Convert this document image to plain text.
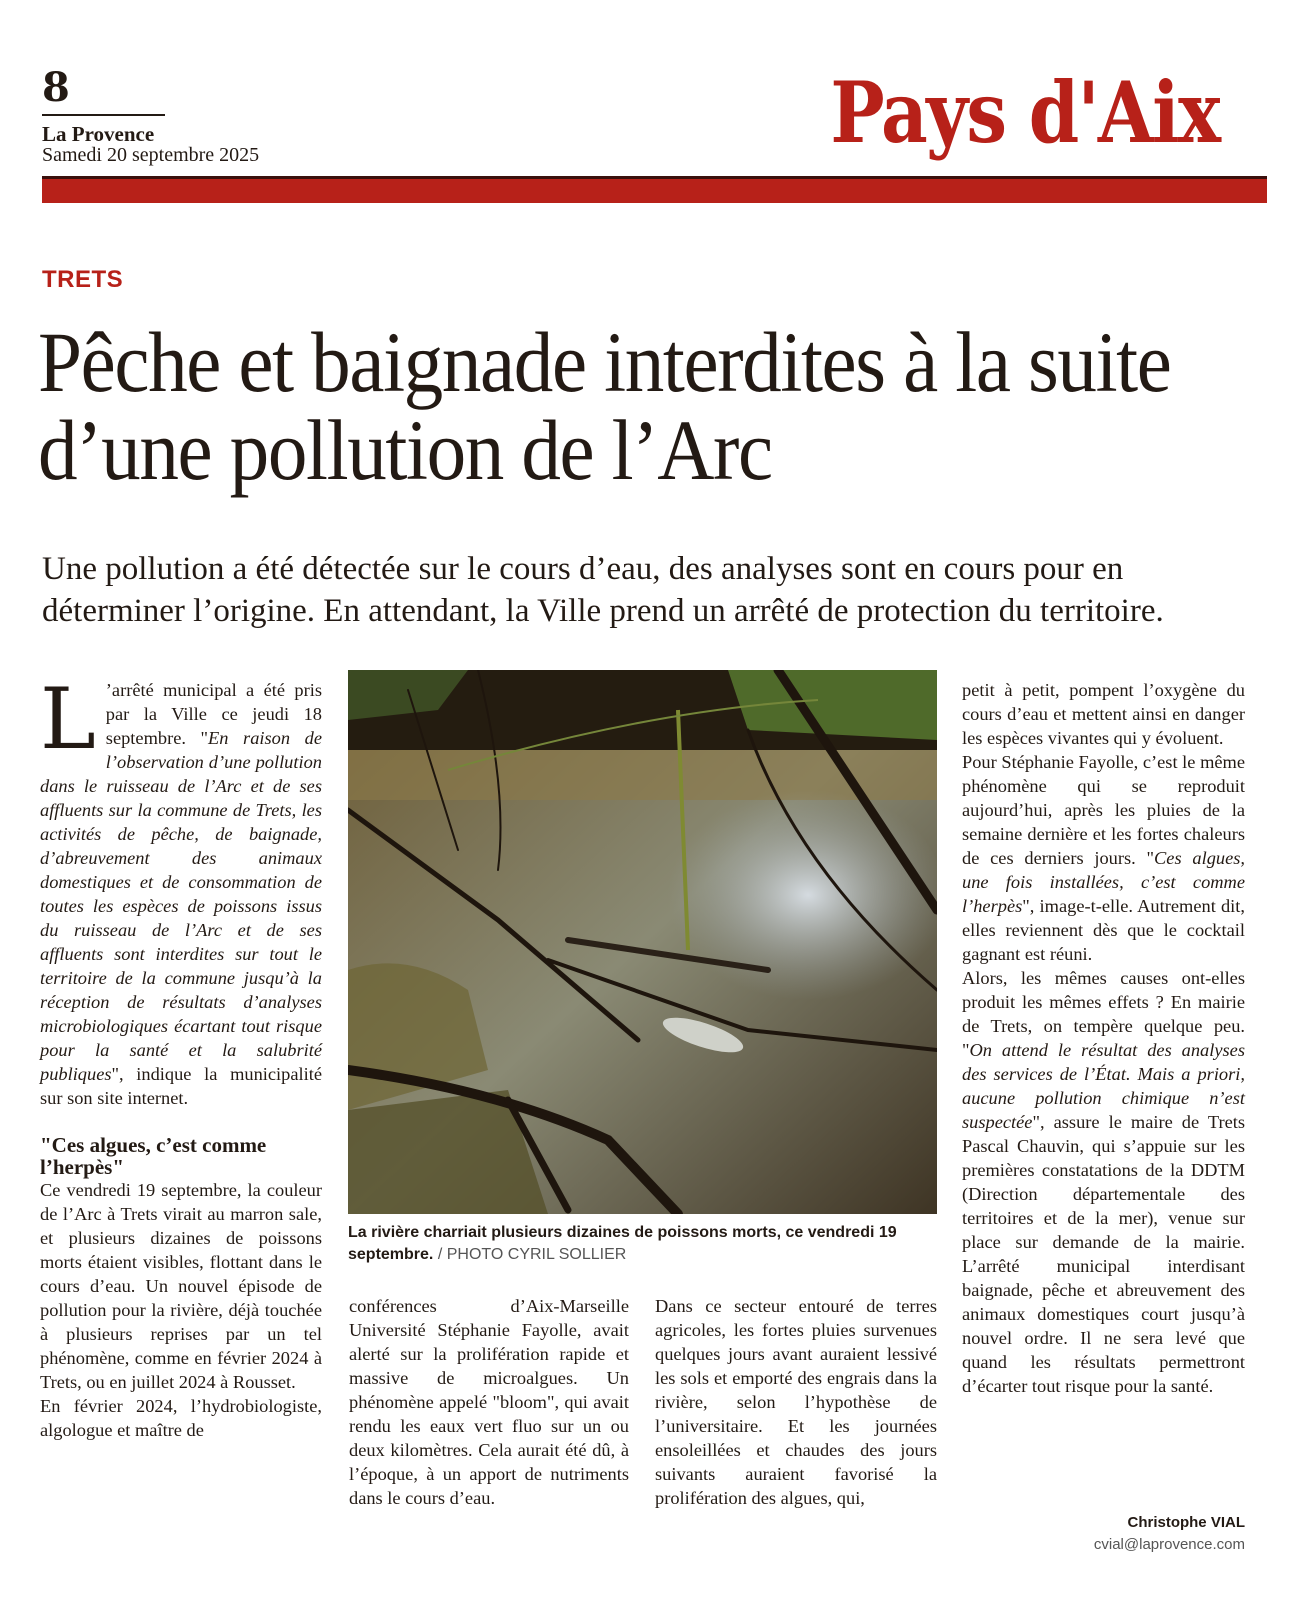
8
La Provence
Samedi 20 septembre 2025	Pays d'Aix
TRETS
Pêche et baignade interdites à la suite d’une pollution de l’Arc
Une pollution a été détectée sur le cours d’eau, des analyses sont en cours pour en déterminer l’origine. En attendant, la Ville prend un arrêté de protection du territoire.
L ’arrêté municipal a été pris par la Ville ce jeudi 18 septembre. "En raison de l’observation d’une pollution dans le ruisseau de l’Arc et de ses affluents sur la commune de Trets, les activités de pêche, de baignade, d’abreuvement des animaux domestiques et de consommation de toutes les espèces de poissons issus du ruisseau de l’Arc et de ses affluents sont interdites sur tout le territoire de la commune jusqu’à la réception de résultats d’analyses microbiologiques écartant tout risque pour la santé et la salubrité publiques", indique la municipalité sur son site internet.

"Ces algues, c’est comme l’herpès"

Ce vendredi 19 septembre, la couleur de l’Arc à Trets virait au marron sale, et plusieurs dizaines de poissons morts étaient visibles, flottant dans le cours d’eau. Un nouvel épisode de pollution pour la rivière, déjà touchée à plusieurs reprises par un tel phénomène, comme en février 2024 à Trets, ou en juillet 2024 à Rousset.

En février 2024, l’hydrobiologiste, algologue et maître de

La rivière charriait plusieurs dizaines de poissons morts, ce vendredi 19 septembre. / PHOTO CYRIL SOLLIER

conférences d’Aix-Marseille Université Stéphanie Fayolle, avait alerté sur la prolifération rapide et massive de microalgues. Un phénomène appelé "bloom", qui avait rendu les eaux vert fluo sur un ou deux kilomètres. Cela aurait été dû, à l’époque, à un apport de nutriments dans le cours d’eau.

Dans ce secteur entouré de terres agricoles, les fortes pluies survenues quelques jours avant auraient lessivé les sols et emporté des engrais dans la rivière, selon l’hypothèse de l’universitaire. Et les journées ensoleillées et chaudes des jours suivants auraient favorisé la prolifération des algues, qui,

petit à petit, pompent l’oxygène du cours d’eau et mettent ainsi en danger les espèces vivantes qui y évoluent.

Pour Stéphanie Fayolle, c’est le même phénomène qui se reproduit aujourd’hui, après les pluies de la semaine dernière et les fortes chaleurs de ces derniers jours. "Ces algues, une fois installées, c’est comme l’herpès", image-t-elle. Autrement dit, elles reviennent dès que le cocktail gagnant est réuni.

Alors, les mêmes causes ont-elles produit les mêmes effets ? En mairie de Trets, on tempère quelque peu. "On attend le résultat des analyses des services de l’État. Mais a priori, aucune pollution chimique n’est suspectée", assure le maire de Trets Pascal Chauvin, qui s’appuie sur les premières constatations de la DDTM (Direction départementale des territoires et de la mer), venue sur place sur demande de la mairie. L’arrêté municipal interdisant baignade, pêche et abreuvement des animaux domestiques court jusqu’à nouvel ordre. Il ne sera levé que quand les résultats permettront d’écarter tout risque pour la santé.

Christophe VIAL
cvial@laprovence.com
